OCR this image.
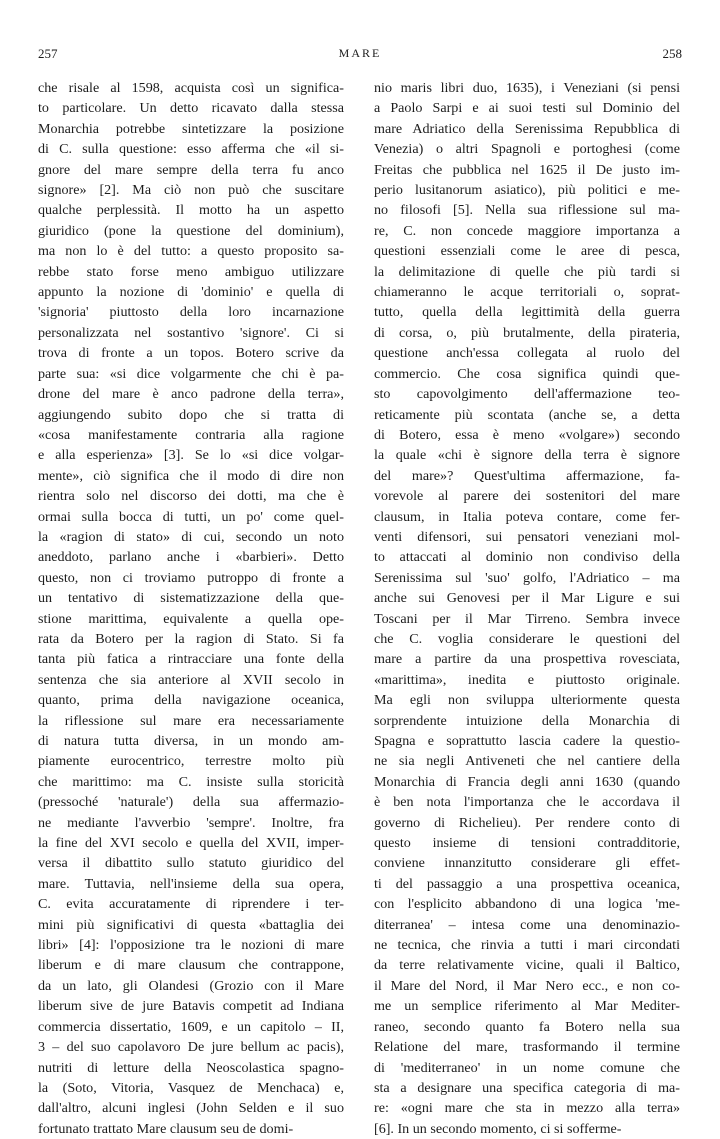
257	MARE	258
che risale al 1598, acquista così un significa-
to particolare. Un detto ricavato dalla stessa
Monarchia potrebbe sintetizzare la posizione
di C. sulla questione: esso afferma che «il si-
gnore del mare sempre della terra fu anco
signore» [2]. Ma ciò non può che suscitare
qualche perplessità. Il motto ha un aspetto
giuridico (pone la questione del dominium),
ma non lo è del tutto: a questo proposito sa-
rebbe stato forse meno ambiguo utilizzare
appunto la nozione di 'dominio' e quella di
'signoria' piuttosto della loro incarnazione
personalizzata nel sostantivo 'signore'. Ci si
trova di fronte a un topos. Botero scrive da
parte sua: «si dice volgarmente che chi è pa-
drone del mare è anco padrone della terra»,
aggiungendo subito dopo che si tratta di
«cosa manifestamente contraria alla ragione
e alla esperienza» [3]. Se lo «si dice volgar-
mente», ciò significa che il modo di dire non
rientra solo nel discorso dei dotti, ma che è
ormai sulla bocca di tutti, un po' come quel-
la «ragion di stato» di cui, secondo un noto
aneddoto, parlano anche i «barbieri». Detto
questo, non ci troviamo putroppo di fronte a
un tentativo di sistematizzazione della que-
stione marittima, equivalente a quella ope-
rata da Botero per la ragion di Stato. Si fa
tanta più fatica a rintracciare una fonte della
sentenza che sia anteriore al XVII secolo in
quanto, prima della navigazione oceanica,
la riflessione sul mare era necessariamente
di natura tutta diversa, in un mondo am-
piamente eurocentrico, terrestre molto più
che marittimo: ma C. insiste sulla storicità
(pressoché 'naturale') della sua affermazio-
ne mediante l'avverbio 'sempre'. Inoltre, fra
la fine del XVI secolo e quella del XVII, imper-
versa il dibattito sullo statuto giuridico del
mare. Tuttavia, nell'insieme della sua opera,
C. evita accuratamente di riprendere i ter-
mini più significativi di questa «battaglia dei
libri» [4]: l'opposizione tra le nozioni di mare
liberum e di mare clausum che contrappone,
da un lato, gli Olandesi (Grozio con il Mare
liberum sive de jure Batavis competit ad Indiana
commercia dissertatio, 1609, e un capitolo – II,
3 – del suo capolavoro De jure bellum ac pacis),
nutriti di letture della Neoscolastica spagno-
la (Soto, Vitoria, Vasquez de Menchaca) e,
dall'altro, alcuni inglesi (John Selden e il suo
fortunato trattato Mare clausum seu de domi-
nio maris libri duo, 1635), i Veneziani (si pensi
a Paolo Sarpi e ai suoi testi sul Dominio del
mare Adriatico della Serenissima Repubblica di
Venezia) o altri Spagnoli e portoghesi (come
Freitas che pubblica nel 1625 il De justo im-
perio lusitanorum asiatico), più politici e me-
no filosofi [5]. Nella sua riflessione sul ma-
re, C. non concede maggiore importanza a
questioni essenziali come le aree di pesca,
la delimitazione di quelle che più tardi si
chiameranno le acque territoriali o, soprat-
tutto, quella della legittimità della guerra
di corsa, o, più brutalmente, della pirateria,
questione anch'essa collegata al ruolo del
commercio. Che cosa significa quindi que-
sto capovolgimento dell'affermazione teo-
reticamente più scontata (anche se, a detta
di Botero, essa è meno «volgare») secondo
la quale «chi è signore della terra è signore
del mare»? Quest'ultima affermazione, fa-
vorevole al parere dei sostenitori del mare
clausum, in Italia poteva contare, come fer-
venti difensori, sui pensatori veneziani mol-
to attaccati al dominio non condiviso della
Serenissima sul 'suo' golfo, l'Adriatico – ma
anche sui Genovesi per il Mar Ligure e sui
Toscani per il Mar Tirreno. Sembra invece
che C. voglia considerare le questioni del
mare a partire da una prospettiva rovesciata,
«marittima», inedita e piuttosto originale.
Ma egli non sviluppa ulteriormente questa
sorprendente intuizione della Monarchia di
Spagna e soprattutto lascia cadere la questio-
ne sia negli Antiveneti che nel cantiere della
Monarchia di Francia degli anni 1630 (quando
è ben nota l'importanza che le accordava il
governo di Richelieu). Per rendere conto di
questo insieme di tensioni contradditorie,
conviene innanzitutto considerare gli effet-
ti del passaggio a una prospettiva oceanica,
con l'esplicito abbandono di una logica 'me-
diterranea' – intesa come una denominazio-
ne tecnica, che rinvia a tutti i mari circondati
da terre relativamente vicine, quali il Baltico,
il Mare del Nord, il Mar Nero ecc., e non co-
me un semplice riferimento al Mar Mediter-
raneo, secondo quanto fa Botero nella sua
Relatione del mare, trasformando il termine
di 'mediterraneo' in un nome comune che
sta a designare una specifica categoria di ma-
re: «ogni mare che sta in mezzo alla terra»
[6]. In un secondo momento, ci si sofferme-
